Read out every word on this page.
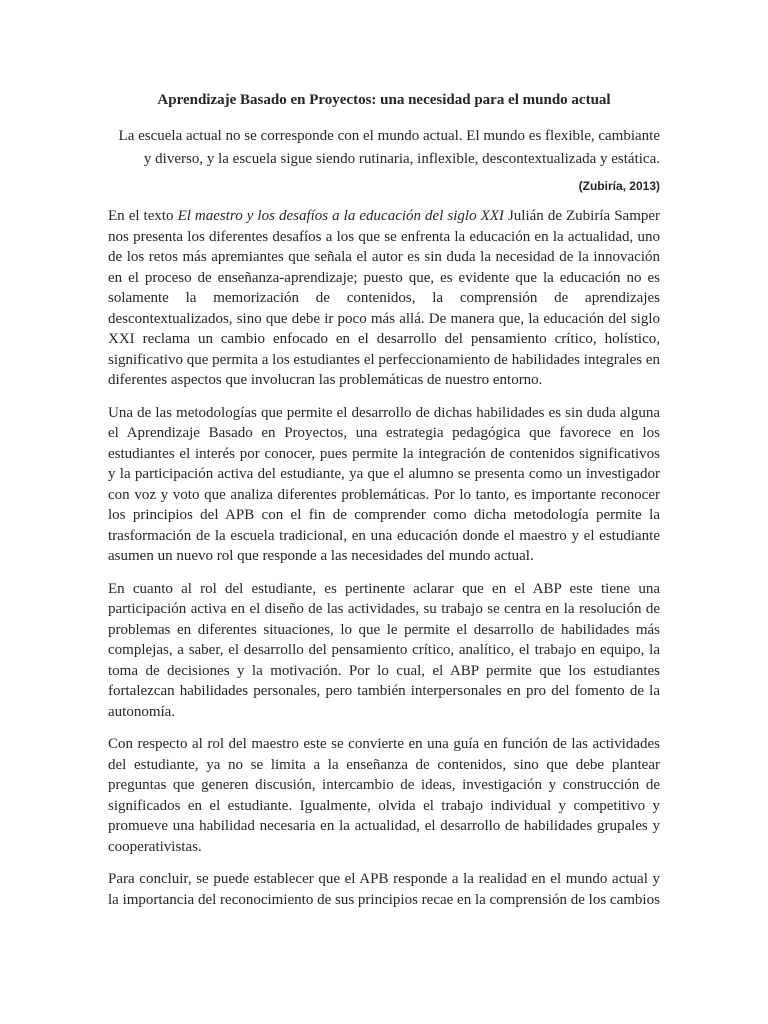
Aprendizaje Basado en Proyectos: una necesidad para el mundo actual
La escuela actual no se corresponde con el mundo actual. El mundo es flexible, cambiante y diverso, y la escuela sigue siendo rutinaria, inflexible, descontextualizada y estática.
(Zubiría, 2013)

En el texto El maestro y los desafíos a la educación del siglo XXI Julián de Zubiría Samper nos presenta los diferentes desafíos a los que se enfrenta la educación en la actualidad, uno de los retos más apremiantes que señala el autor es sin duda la necesidad de la innovación en el proceso de enseñanza-aprendizaje; puesto que, es evidente que la educación no es solamente la memorización de contenidos, la comprensión de aprendizajes descontextualizados, sino que debe ir poco más allá. De manera que, la educación del siglo XXI reclama un cambio enfocado en el desarrollo del pensamiento crítico, holístico, significativo que permita a los estudiantes el perfeccionamiento de habilidades integrales en diferentes aspectos que involucran las problemáticas de nuestro entorno.

Una de las metodologías que permite el desarrollo de dichas habilidades es sin duda alguna el Aprendizaje Basado en Proyectos, una estrategia pedagógica que favorece en los estudiantes el interés por conocer, pues permite la integración de contenidos significativos y la participación activa del estudiante, ya que el alumno se presenta como un investigador con voz y voto que analiza diferentes problemáticas. Por lo tanto, es importante reconocer los principios del APB con el fin de comprender como dicha metodología permite la trasformación de la escuela tradicional, en una educación donde el maestro y el estudiante asumen un nuevo rol que responde a las necesidades del mundo actual.

En cuanto al rol del estudiante, es pertinente aclarar que en el ABP este tiene una participación activa en el diseño de las actividades, su trabajo se centra en la resolución de problemas en diferentes situaciones, lo que le permite el desarrollo de habilidades más complejas, a saber, el desarrollo del pensamiento crítico, analítico, el trabajo en equipo, la toma de decisiones y la motivación. Por lo cual, el ABP permite que los estudiantes fortalezcan habilidades personales, pero también interpersonales en pro del fomento de la autonomía.

Con respecto al rol del maestro este se convierte en una guía en función de las actividades del estudiante, ya no se limita a la enseñanza de contenidos, sino que debe plantear preguntas que generen discusión, intercambio de ideas, investigación y construcción de significados en el estudiante. Igualmente, olvida el trabajo individual y competitivo y promueve una habilidad necesaria en la actualidad, el desarrollo de habilidades grupales y cooperativistas.

Para concluir, se puede establecer que el APB responde a la realidad en el mundo actual y la importancia del reconocimiento de sus principios recae en la comprensión de los cambios
